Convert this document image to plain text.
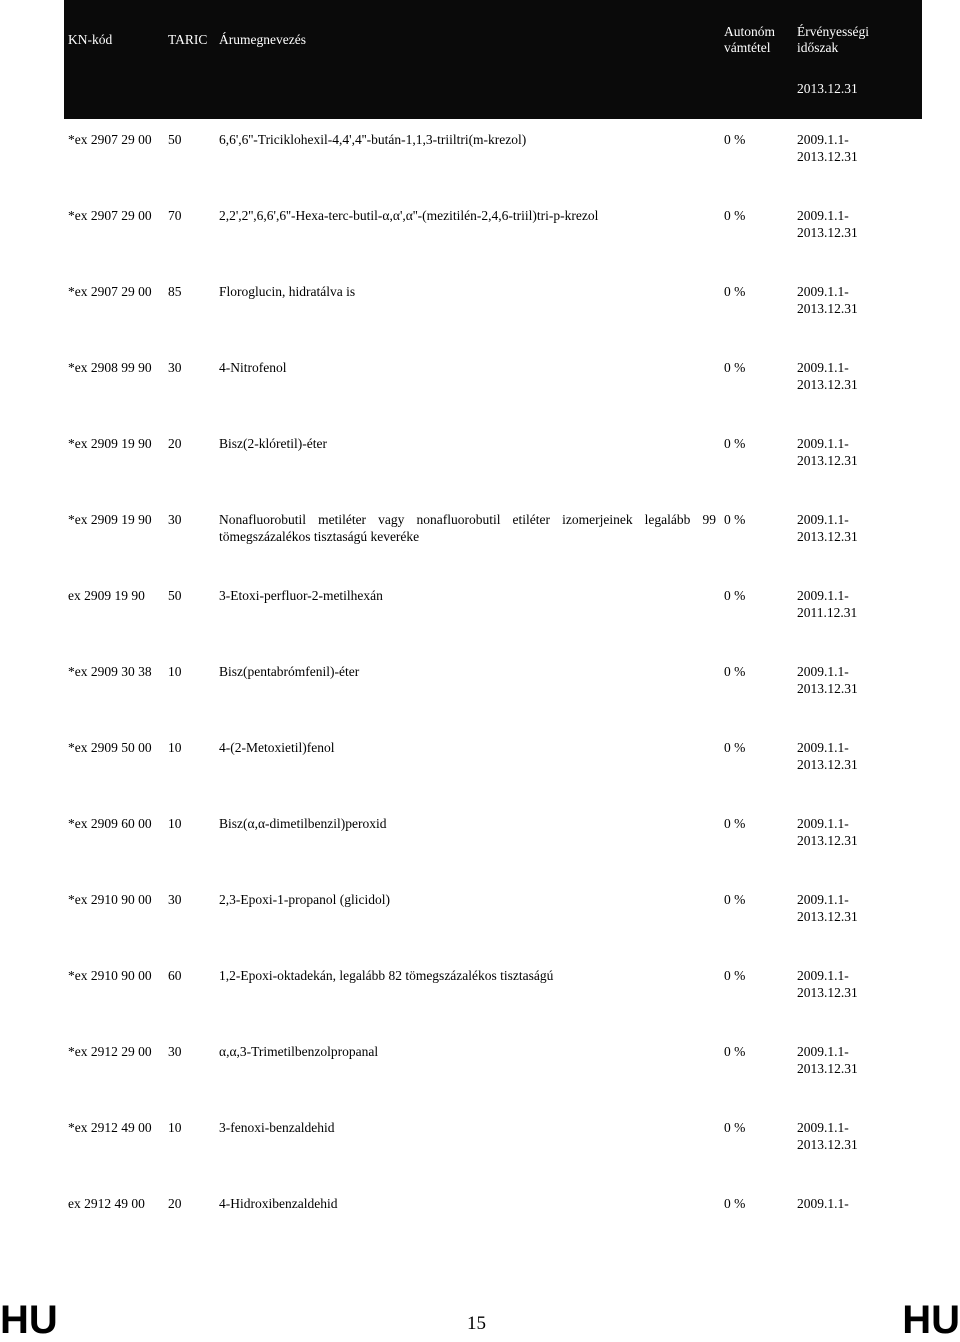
KN-kód	TARIC	Árumegnevezés	Autonóm
vámtétel	Érvényességi
időszak

				2013.12.31
*ex 2907 29 00	50	6,6',6''-Triciklohexil-4,4',4''-bután-1,1,3-triiltri(m-krezol)	0 %	2009.1.1-
2013.12.31

*ex 2907 29 00	70	2,2',2'',6,6',6''-Hexa-terc-butil-α,α',α''-(mezitilén-2,4,6-triil)tri-p-krezol	0 %	2009.1.1-
2013.12.31

*ex 2907 29 00	85	Floroglucin, hidratálva is	0 %	2009.1.1-
2013.12.31

*ex 2908 99 90	30	4-Nitrofenol	0 %	2009.1.1-
2013.12.31

*ex 2909 19 90	20	Bisz(2-klóretil)-éter	0 %	2009.1.1-
2013.12.31

*ex 2909 19 90	30	Nonafluorobutil metiléter vagy nonafluorobutil etiléter izomerjeinek legalább 99 tömegszázalékos tisztaságú keveréke	0 %	2009.1.1-
2013.12.31

ex 2909 19 90	50	3-Etoxi-perfluor-2-metilhexán	0 %	2009.1.1-
2011.12.31

*ex 2909 30 38	10	Bisz(pentabrómfenil)-éter	0 %	2009.1.1-
2013.12.31

*ex 2909 50 00	10	4-(2-Metoxietil)fenol	0 %	2009.1.1-
2013.12.31

*ex 2909 60 00	10	Bisz(α,α-dimetilbenzil)peroxid	0 %	2009.1.1-
2013.12.31

*ex 2910 90 00	30	2,3-Epoxi-1-propanol (glicidol)	0 %	2009.1.1-
2013.12.31

*ex 2910 90 00	60	1,2-Epoxi-oktadekán, legalább 82 tömegszázalékos tisztaságú	0 %	2009.1.1-
2013.12.31

*ex 2912 29 00	30	α,α,3-Trimetilbenzolpropanal	0 %	2009.1.1-
2013.12.31

*ex 2912 49 00	10	3-fenoxi-benzaldehid	0 %	2009.1.1-
2013.12.31

ex 2912 49 00	20	4-Hidroxibenzaldehid	0 %	2009.1.1-
HU	15	HU
